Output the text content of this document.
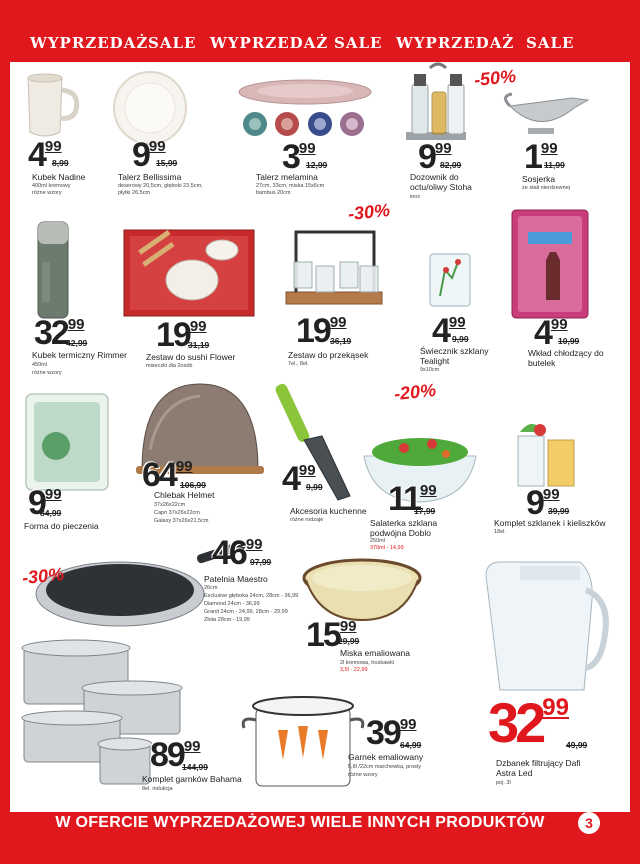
WYPRZEDAŻ SALE WYPRZEDAŻ SALE WYPRZEDAŻ SALE
-50%
-30%
-20%
-30%
499
8,99
Kubek Nadine
400ml kremowy
różne wzory
999
15,99
Talerz Bellissima
deserowy 20,5cm, głęboki 23,5cm,
płytki 26,5cm
399
12,99
Talerz melamina
27cm, 33cm, miska 15x6cm
bambus 20cm
999
82,09
Dozownik do octu/oliwy Stoha
inox
199
11,99
Sosjerka
ze stali nierdzewnej
3299
42,99
Kubek termiczny Rimmer
450ml
różne wzory
1999
31,19
Zestaw do sushi Flower
miseczki dla 2osób
1999
36,19
Zestaw do przekąsek
7el., 8el.
499
9,99
Świecznik szklany Tealight
9x10cm
499
10,99
Wkład chłodzący do butelek
999
84,99
Forma do pieczenia
6499
106,99
Chlebak Helmet
37x26x22cm
Capri 37x26x22cm
Galaxy 37x26x21,5cm
499
9,99
Akcesoria kuchenne
różne rodzaje
1199
17,99
Salaterka szklana podwójna Doblo
250ml
370ml - 14,99
999
39,99
Komplet szklanek i kieliszków
18el.
4699
97,99
Patelnia Maestro
26cm
Exclusive głęboka 24cm, 28cm - 36,99
Diamond 24cm - 36,99
Granit 24cm - 24,99, 28cm - 29,99
Złota 28cm - 19,99 1599
29,99
Miska emaliowana
2l kremowa, truskawki
3,5l - 22,99
8999
144,99
Komplet garnków Bahama
8el. indukcja
3999
64,99
Garnek emaliowany
5,8l /22cm marchewka, prosty
różne wzory
3299
49,99
Dzbanek filtrujący Dafi Astra Led
poj. 3l
W OFERCIE WYPRZEDAŻOWEJ WIELE INNYCH PRODUKTÓW	3
